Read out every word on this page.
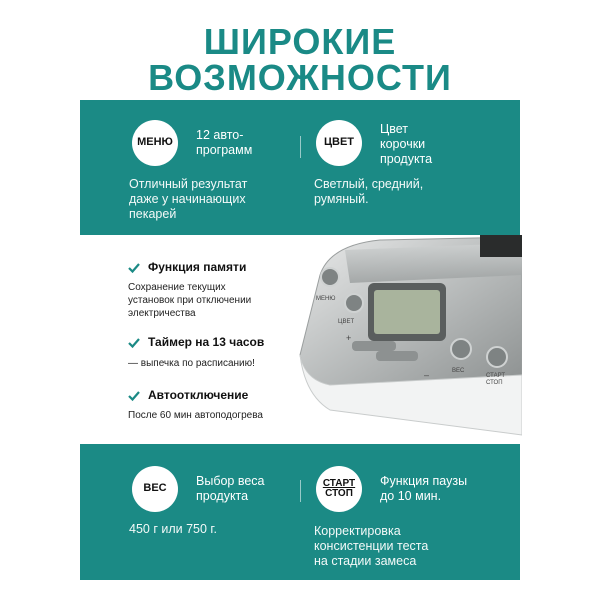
ШИРОКИЕ
ВОЗМОЖНОСТИ
МЕНЮ
12 авто-
программ
Отличный результат
даже у начинающих
пекарей
ЦВЕТ
Цвет
корочки
продукта
Светлый, средний,
румяный.
Функция памяти
Сохранение текущих
установок при отключении
электричества
Таймер на 13 часов
— выпечка по расписанию!
Автоотключение
После 60 мин автоподогрева
МЕНЮ
ЦВЕТ
+
–	ВЕС
СТАРТ
СТОП
ВЕС
Выбор веса
продукта
450 г или 750 г.
СТАРТ
СТОП
Функция паузы
до 10 мин.
Корректировка
консистенции теста
на стадии замеса
